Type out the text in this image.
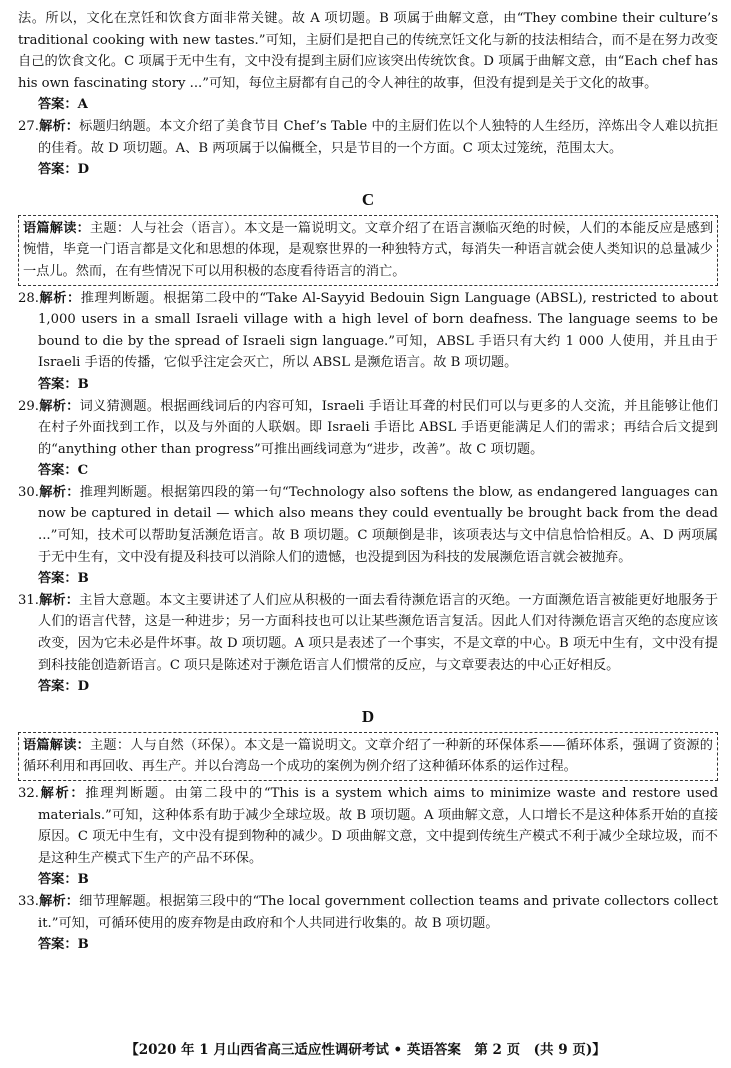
法。所以，文化在烹饪和饮食方面非常关键。故 A 项切题。B 项属于曲解文意，由“They combine their culture’s traditional cooking with new tastes.”可知，主厨们是把自己的传统烹饪文化与新的技法相结合，而不是在努力改变自己的饮食文化。C 项属于无中生有，文中没有提到主厨们应该突出传统饮食。D 项属于曲解文意，由“Each chef has his own fascinating story ...”可知，每位主厨都有自己的令人神往的故事，但没有提到是关于文化的故事。

答案：A

27.解析：标题归纳题。本文介绍了美食节目 Chef’s Table 中的主厨们佐以个人独特的人生经历，淬炼出令人难以抗拒的佳肴。故 D 项切题。A、B 两项属于以偏概全，只是节目的一个方面。C 项太过笼统，范围太大。

答案：D

C
语篇解读：主题：人与社会（语言）。本文是一篇说明文。文章介绍了在语言濒临灭绝的时候，人们的本能反应是感到惋惜，毕竟一门语言都是文化和思想的体现，是观察世界的一种独特方式，每消失一种语言就会使人类知识的总量减少一点儿。然而，在有些情况下可以用积极的态度看待语言的消亡。

28.解析：推理判断题。根据第二段中的“Take Al-Sayyid Bedouin Sign Language (ABSL), restricted to about 1,000 users in a small Israeli village with a high level of born deafness. The language seems to be bound to die by the spread of Israeli sign language.”可知，ABSL 手语只有大约 1 000 人使用，并且由于 Israeli 手语的传播，它似乎注定会灭亡，所以 ABSL 是濒危语言。故 B 项切题。

答案：B

29.解析：词义猜测题。根据画线词后的内容可知，Israeli 手语让耳聋的村民们可以与更多的人交流，并且能够让他们在村子外面找到工作，以及与外面的人联姻。即 Israeli 手语比 ABSL 手语更能满足人们的需求；再结合后文提到的“anything other than progress”可推出画线词意为“进步，改善”。故 C 项切题。

答案：C

30.解析：推理判断题。根据第四段的第一句“Technology also softens the blow, as endangered languages can now be captured in detail — which also means they could eventually be brought back from the dead ...”可知，技术可以帮助复活濒危语言。故 B 项切题。C 项颠倒是非，该项表达与文中信息恰恰相反。A、D 两项属于无中生有，文中没有提及科技可以消除人们的遗憾，也没提到因为科技的发展濒危语言就会被抛弃。

答案：B

31.解析：主旨大意题。本文主要讲述了人们应从积极的一面去看待濒危语言的灭绝。一方面濒危语言被能更好地服务于人们的语言代替，这是一种进步；另一方面科技也可以让某些濒危语言复活。因此人们对待濒危语言灭绝的态度应该改变，因为它未必是件坏事。故 D 项切题。A 项只是表述了一个事实，不是文章的中心。B 项无中生有，文中没有提到科技能创造新语言。C 项只是陈述对于濒危语言人们惯常的反应，与文章要表达的中心正好相反。

答案：D

D
语篇解读：主题：人与自然（环保）。本文是一篇说明文。文章介绍了一种新的环保体系——循环体系，强调了资源的循环利用和再回收、再生产。并以台湾岛一个成功的案例为例介绍了这种循环体系的运作过程。

32.解析：推理判断题。由第二段中的“This is a system which aims to minimize waste and restore used materials.”可知，这种体系有助于减少全球垃圾。故 B 项切题。A 项曲解文意，人口增长不是这种体系开始的直接原因。C 项无中生有，文中没有提到物种的减少。D 项曲解文意，文中提到传统生产模式不利于减少全球垃圾，而不是这种生产模式下生产的产品不环保。

答案：B

33.解析：细节理解题。根据第三段中的“The local government collection teams and private collectors collect it.”可知，可循环使用的废弃物是由政府和个人共同进行收集的。故 B 项切题。

答案：B

【2020 年 1 月山西省高三适应性调研考试 • 英语答案　第 2 页　(共 9 页)】
